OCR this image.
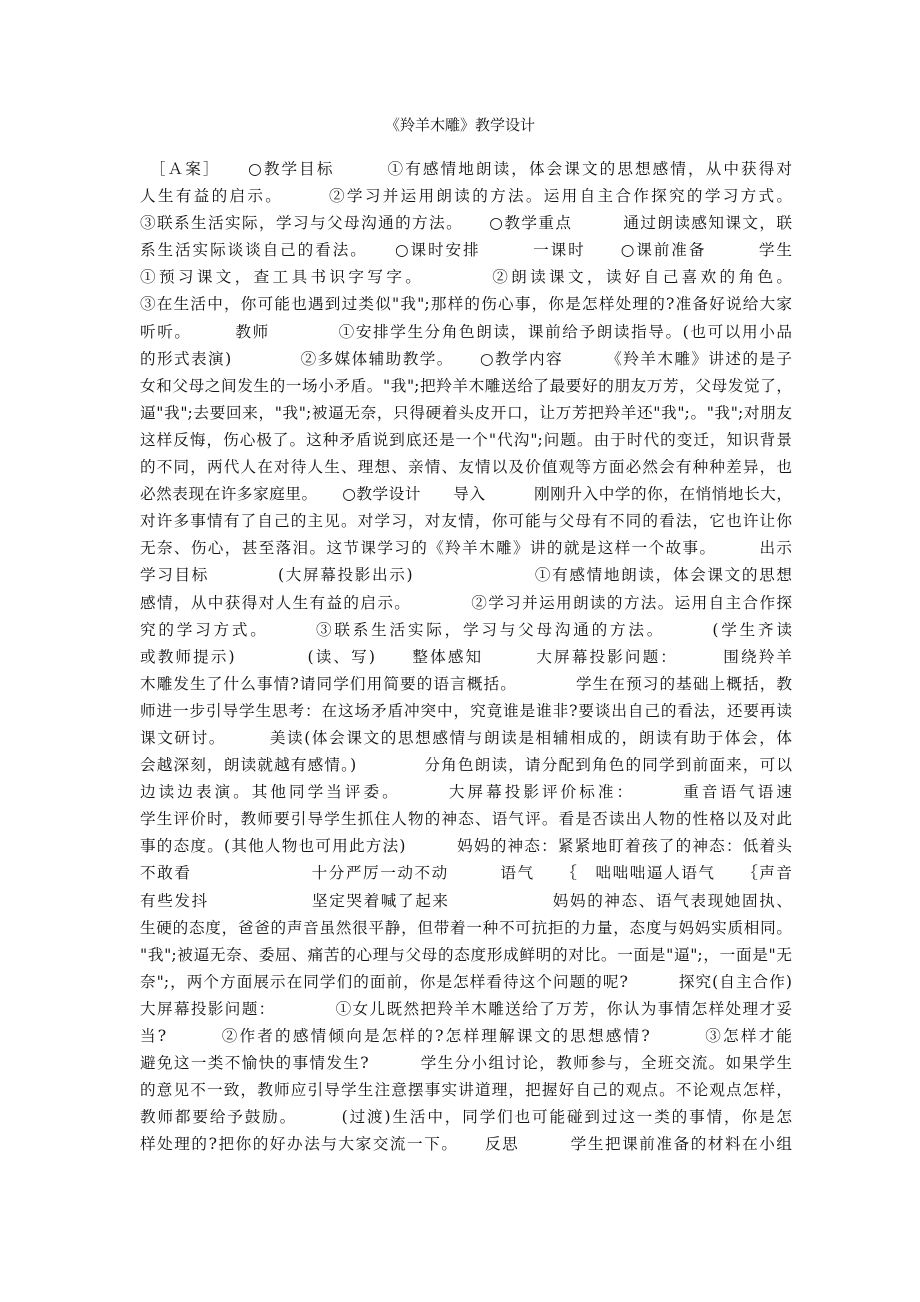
《羚羊木雕》教学设计
　［Ａ案］　　○教学目标　　　①有感情地朗读，体会课文的思想感情，从中获得对
人生有益的启示。　　　②学习并运用朗读的方法。运用自主合作探究的学习方式。
③联系生活实际，学习与父母沟通的方法。　　○教学重点　　　通过朗读感知课文，联
系生活实际谈谈自己的看法。　　○课时安排　　　一课时　　○课前准备　　　学生
①预习课文，查工具书识字写字。　　　　②朗读课文，读好自己喜欢的角色。
③在生活中，你可能也遇到过类似"我";那样的伤心事，你是怎样处理的?准备好说给大家
听听。　　　教师　　　　①安排学生分角色朗读，课前给予朗读指导。(也可以用小品
的形式表演)　　　　②多媒体辅助教学。　　○教学内容　　　《羚羊木雕》讲述的是子
女和父母之间发生的一场小矛盾。"我";把羚羊木雕送给了最要好的朋友万芳，父母发觉了，
逼"我";去要回来，"我";被逼无奈，只得硬着头皮开口，让万芳把羚羊还"我";。"我";对朋友
这样反悔，伤心极了。这种矛盾说到底还是一个"代沟";问题。由于时代的变迁，知识背景
的不同，两代人在对待人生、理想、亲情、友情以及价值观等方面必然会有种种差异，也
必然表现在许多家庭里。　　○教学设计　　导入　　　刚刚升入中学的你，在悄悄地长大，
对许多事情有了自己的主见。对学习，对友情，你可能与父母有不同的看法，它也许让你
无奈、伤心，甚至落泪。这节课学习的《羚羊木雕》讲的就是这样一个故事。　　　出示
学习目标　　　　(大屏幕投影出示)　　　　　　　①有感情地朗读，体会课文的思想
感情，从中获得对人生有益的启示。　　　　②学习并运用朗读的方法。运用自主合作探
究的学习方式。　　　③联系生活实际，学习与父母沟通的方法。　　　(学生齐读
或教师提示)　　　　(读、写)　　整体感知　　　大屏幕投影问题：　　　围绕羚羊
木雕发生了什么事情?请同学们用简要的语言概括。　　　　学生在预习的基础上概括，教
师进一步引导学生思考：在这场矛盾冲突中，究竟谁是谁非?要谈出自己的看法，还要再读
课文研讨。　　　美读(体会课文的思想感情与朗读是相辅相成的，朗读有助于体会，体
会越深刻，朗读就越有感情。)　　　　分角色朗读，请分配到角色的同学到前面来，可以
边读边表演。其他同学当评委。　　　大屏幕投影评价标准：　　　重音语气语速
学生评价时，教师要引导学生抓住人物的神态、语气评。看是否读出人物的性格以及对此
事的态度。(其他人物也可用此方法)　　　妈妈的神态：紧紧地盯着孩了的神态：低着头
不敢看　　　　　　　十分严厉一动不动　　　语气　　｛　咄咄咄逼人语气　　｛声音
有些发抖　　　　　　坚定哭着喊了起来　　　　　　妈妈的神态、语气表现她固执、
生硬的态度，爸爸的声音虽然很平静，但带着一种不可抗拒的力量，态度与妈妈实质相同。
"我";被逼无奈、委屈、痛苦的心理与父母的态度形成鲜明的对比。一面是"逼";，一面是"无
奈";，两个方面展示在同学们的面前，你是怎样看待这个问题的呢?　　　探究(自主合作)
大屏幕投影问题：　　　　①女儿既然把羚羊木雕送给了万芳，你认为事情怎样处理才妥
当?　　　②作者的感情倾向是怎样的?怎样理解课文的思想感情?　　　③怎样才能
避免这一类不愉快的事情发生?　　　学生分小组讨论，教师参与，全班交流。如果学生
的意见不一致，教师应引导学生注意摆事实讲道理，把握好自己的观点。不论观点怎样，
教师都要给予鼓励。　　　(过渡)生活中，同学们也可能碰到过这一类的事情，你是怎
样处理的?把你的好办法与大家交流一下。　　反思　　　学生把课前准备的材料在小组
